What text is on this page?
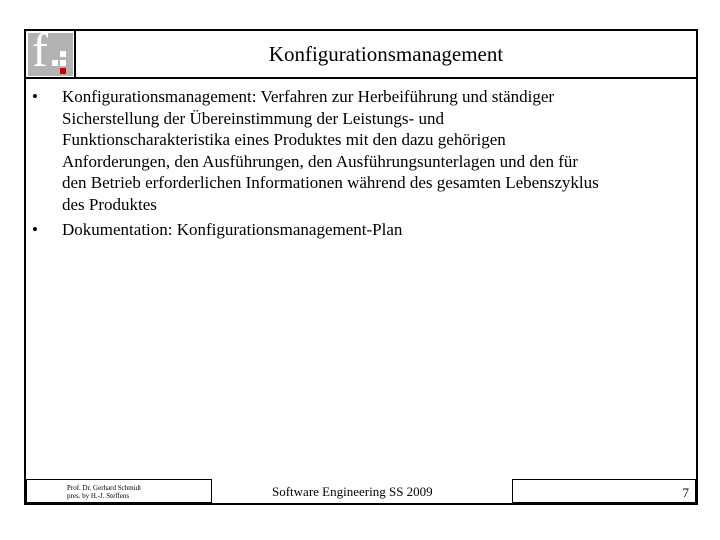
f	Konfigurationsmanagement
•	Konfigurationsmanagement: Verfahren zur Herbeiführung und ständiger
Sicherstellung der Übereinstimmung der Leistungs- und
Funktionscharakteristika eines Produktes mit den dazu gehörigen
Anforderungen, den Ausführungen, den Ausführungsunterlagen und den für
den Betrieb erforderlichen Informationen während des gesamten Lebenszyklus
des Produktes
•	Dokumentation: Konfigurationsmanagement-Plan
Prof. Dr. Gerhard Schmidt
pres. by H.-J. Steffens	Software Engineering SS 2009	7
